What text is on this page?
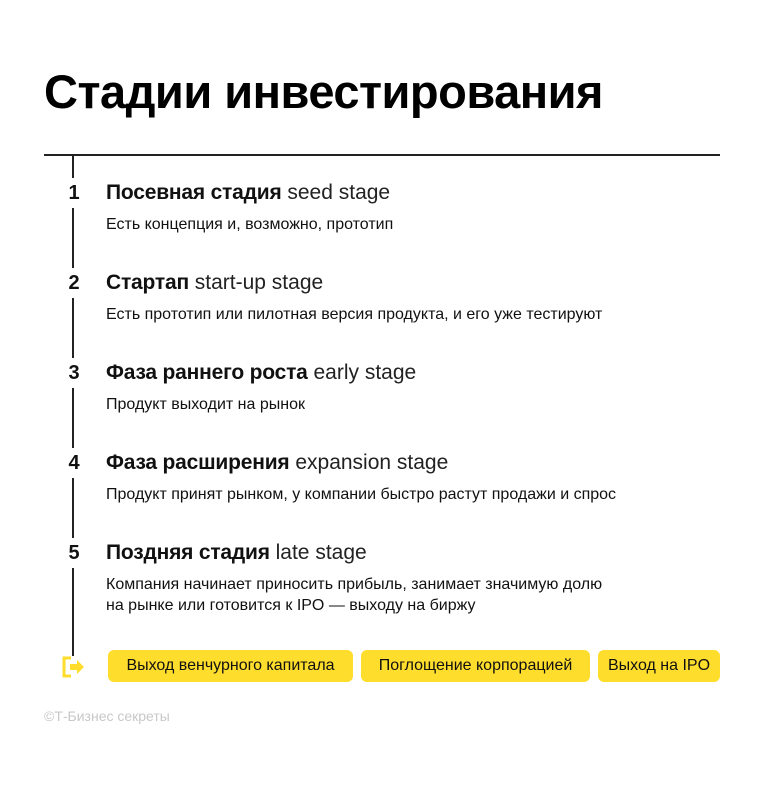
Стадии инвестирования
1 Посевная стадия seed stage
Есть концепция и, возможно, прототип
2 Стартап start-up stage
Есть прототип или пилотная версия продукта, и его уже тестируют
3 Фаза раннего роста early stage
Продукт выходит на рынок
4 Фаза расширения expansion stage
Продукт принят рынком, у компании быстро растут продажи и спрос
5 Поздняя стадия late stage
Компания начинает приносить прибыль, занимает значимую долю
на рынке или готовится к IPO — выходу на биржу
Выход венчурного капитала	Поглощение корпорацией	Выход на IPO
©Т-Бизнес секреты
